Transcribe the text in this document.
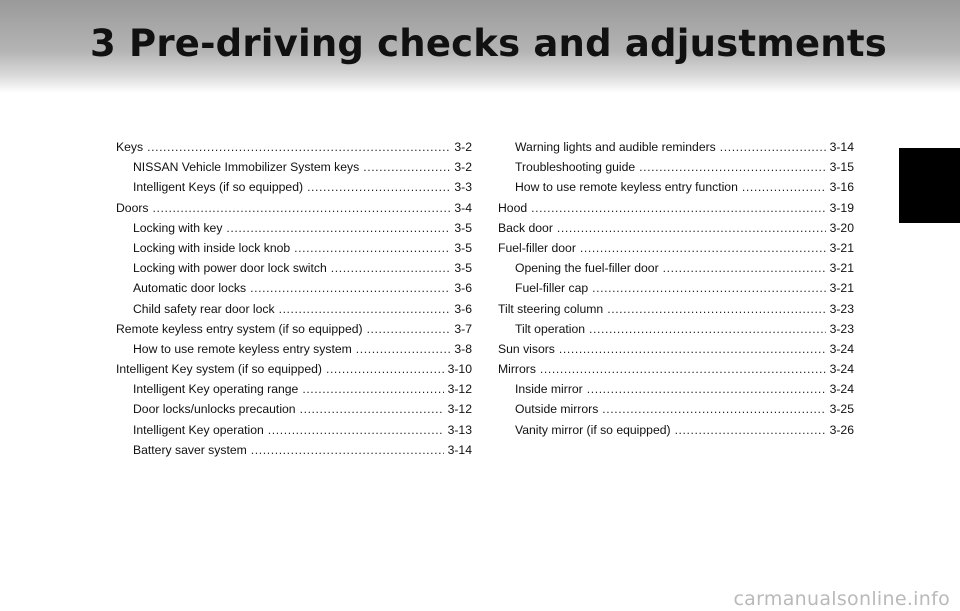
3 Pre-driving checks and adjustments
Keys .....	3-2
NISSAN Vehicle Immobilizer System keys .....	3-2
Intelligent Keys (if so equipped) .....	3-3
Doors .....	3-4
Locking with key .....	3-5
Locking with inside lock knob .....	3-5
Locking with power door lock switch .....	3-5
Automatic door locks .....	3-6
Child safety rear door lock .....	3-6
Remote keyless entry system (if so equipped) .....	3-7
How to use remote keyless entry system .....	3-8
Intelligent Key system (if so equipped) .....	3-10
Intelligent Key operating range .....	3-12
Door locks/unlocks precaution .....	3-12
Intelligent Key operation .....	3-13
Battery saver system .....	3-14
Warning lights and audible reminders .....	3-14
Troubleshooting guide .....	3-15
How to use remote keyless entry function .....	3-16
Hood .....	3-19
Back door .....	3-20
Fuel-filler door .....	3-21
Opening the fuel-filler door .....	3-21
Fuel-filler cap .....	3-21
Tilt steering column .....	3-23
Tilt operation .....	3-23
Sun visors .....	3-24
Mirrors .....	3-24
Inside mirror .....	3-24
Outside mirrors .....	3-25
Vanity mirror (if so equipped) .....	3-26
carmanualsonline.info
